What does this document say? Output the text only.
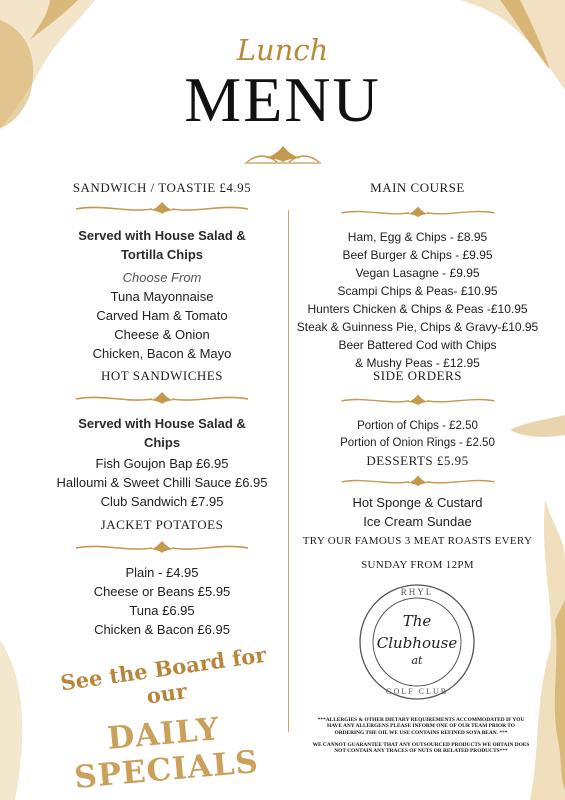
Lunch
MENU
SANDWICH / TOASTIE £4.95
Served with House Salad &
Tortilla Chips
Choose From
Tuna Mayonnaise
Carved Ham & Tomato
Cheese & Onion
Chicken, Bacon & Mayo
HOT SANDWICHES
Served with House Salad &
Chips
Fish Goujon Bap £6.95
Halloumi & Sweet Chilli Sauce £6.95
Club Sandwich £7.95
JACKET POTATOES
Plain - £4.95
Cheese or Beans £5.95
Tuna £6.95
Chicken & Bacon £6.95
See the Board for our
DAILY SPECIALS
MAIN COURSE
Ham, Egg & Chips - £8.95
Beef Burger & Chips - £9.95
Vegan Lasagne - £9.95
Scampi Chips & Peas- £10.95
Hunters Chicken & Chips & Peas -£10.95
Steak & Guinness Pie, Chips & Gravy-£10.95
Beer Battered Cod with Chips
& Mushy Peas - £12.95
SIDE ORDERS
Portion of Chips - £2.50
Portion of Onion Rings - £2.50
DESSERTS £5.95
Hot Sponge & Custard
Ice Cream Sundae
TRY OUR FAMOUS 3 MEAT ROASTS EVERY
SUNDAY FROM 12PM
RHYL
The
Clubhouse
at
GOLF CLUB
***ALLERGIES & OTHER DIETARY REQUIREMENTS ACCOMMODATED IF YOU HAVE ANY ALLERGENS PLEASE INFORM ONE OF OUR TEAM PRIOR TO ORDERING THE OIL WE USE CONTAINS REFINED SOYA BEAN. ***
WE CANNOT GUARANTEE THAT ANY OUTSOURCED PRODUCTS WE OBTAIN DOES NOT CONTAIN ANY TRACES OF NUTS OR RELATED PRODUCTS***
